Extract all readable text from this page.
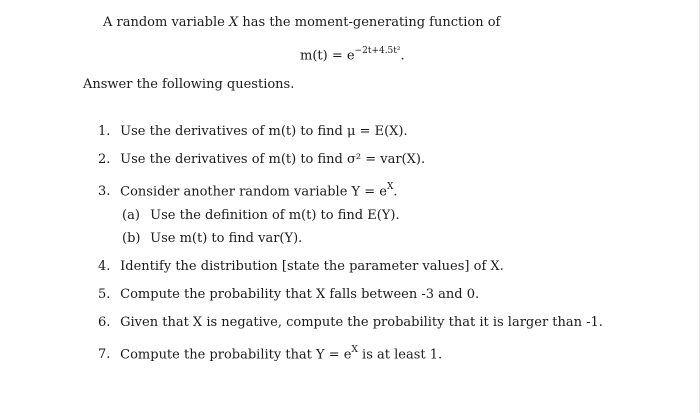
A random variable X has the moment-generating function of
$m(t) = e^{-2t+4.5t^2}$.
Answer the following questions.
1. Use the derivatives of m(t) to find μ = E(X).
2. Use the derivatives of m(t) to find σ² = var(X).
3. Consider another random variable $Y = e^X$.
(a) Use the definition of m(t) to find E(Y).
(b) Use m(t) to find var(Y).
4. Identify the distribution [state the parameter values] of X.
5. Compute the probability that X falls between -3 and 0.
6. Given that X is negative, compute the probability that it is larger than -1.
7. Compute the probability that $Y = e^X$ is at least 1.
